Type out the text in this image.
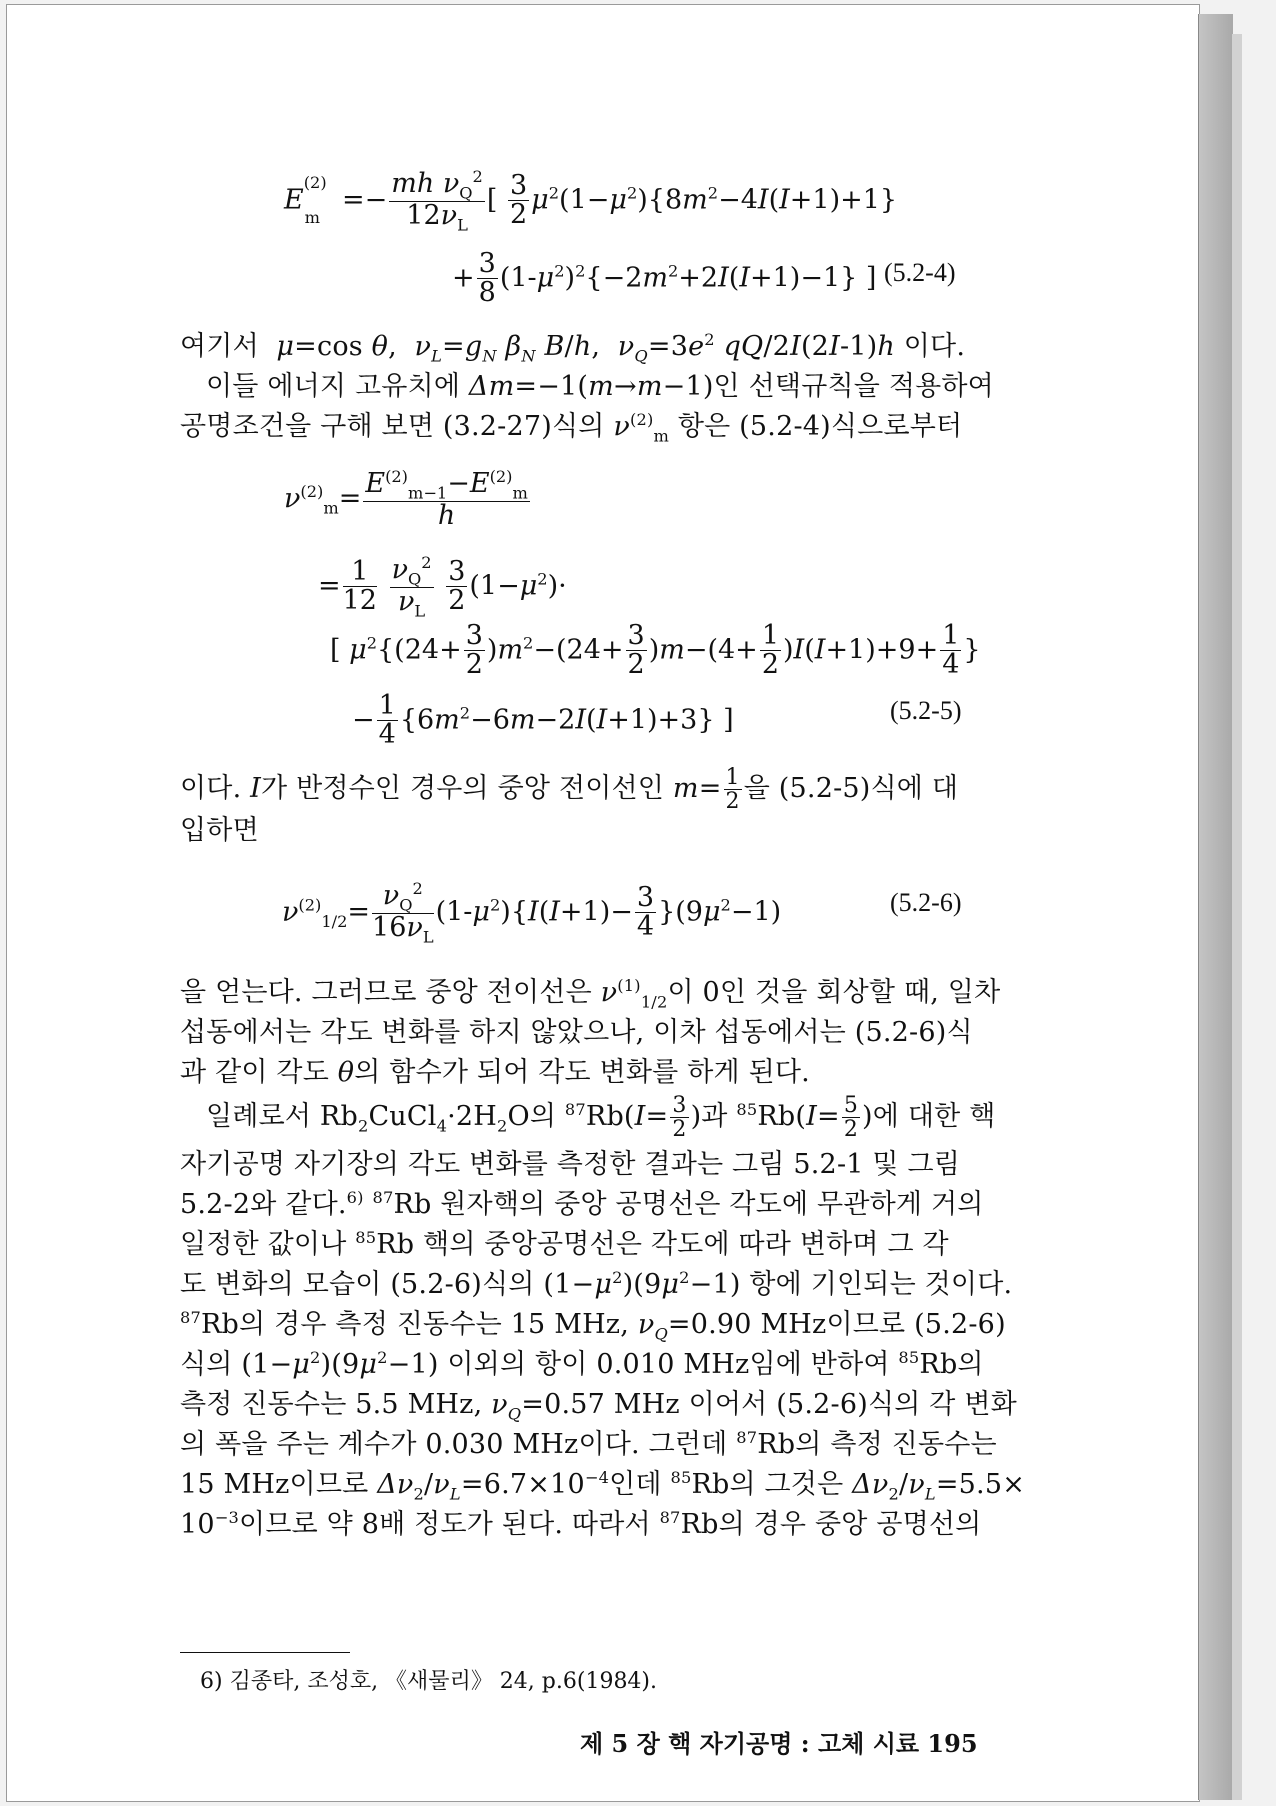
$E^{(2)}_m=- \frac{mh \nu_Q^2}{12\nu_L}$ [ $\frac{3}{2} \mu^2(1-\mu^2)\{8m^2-4I(I+1)+1\}$
+ $\frac{3}{8} (1-\mu^2)^2\{-2m^2+2I(I+1)-1\}$ ] (5.2-4)
여기서  μ=cos θ,  $\nu_L=g_N$ $\beta_N$ B/h,  $\nu_Q=3e^2$ qQ/2I(2I-1)h 이다.
이들 에너지 고유치에 Δm=−1(m→m−1)인 선택규칙을 적용하여
공명조건을 구해 보면 (3.2-27)식의 $\nu^{(2)}_m$ 항은 (5.2-4)식으로부터
$\nu^{(2)}_m= \frac{E^{(2)}_{m-1}-E^{(2)}_m}{h}$
= $\frac{1}{12}$
$\frac{\nu_Q^2}{\nu_L}$
$\frac{3}{2} (1-\mu^2)\cdot$
[ $\mu^2\{(24+ \frac{3}{2} )m^2-(24+ \frac{3}{2} )m-(4+ \frac{1}{2} )I(I+1)+9+ \frac{1}{4}$ }
− $\frac{1}{4} \{6m^2-6m-2I(I+1)+3\}$ ]	(5.2-5)
이다. I가 반정수인 경우의 중앙 전이선인 $m= \frac{1}{2}$ 을 (5.2-5)식에 대
입하면
$\nu^{(2)}_{1/2}= \frac{\nu_Q^2}{16\nu_L} (1-\mu^2)\{I(I+1)- \frac{3}{4} \}(9\mu^2-1)$	(5.2-6)
을 얻는다. 그러므로 중앙 전이선은 $\nu^{(1)}_{1/2}$이 0인 것을 회상할 때, 일차
섭동에서는 각도 변화를 하지 않았으나, 이차 섭동에서는 (5.2-6)식
과 같이 각도 θ의 함수가 되어 각도 변화를 하게 된다.
일례로서 $Rb_2CuCl_4\cdot 2H_2O$의 $^{87}Rb(I= \frac{3}{2}$ )과 $^{85}Rb(I= \frac{5}{2}$ )에 대한 핵
자기공명 자기장의 각도 변화를 측정한 결과는 그림 5.2-1 및 그림
5.2-2와 같다.$^{6)}$ $^{87}$Rb 원자핵의 중앙 공명선은 각도에 무관하게 거의
일정한 값이나 $^{85}$Rb 핵의 중앙공명선은 각도에 따라 변하며 그 각
도 변화의 모습이 (5.2-6)식의 $(1-\mu^2)(9\mu^2-1)$ 항에 기인되는 것이다.
$^{87}$Rb의 경우 측정 진동수는 15 MHz, $\nu_Q=0.90$ MHz이므로 (5.2-6)
식의 $(1-\mu^2)(9\mu^2-1)$ 이외의 항이 0.010 MHz임에 반하여 $^{85}$Rb의
측정 진동수는 5.5 MHz, $\nu_Q=0.57$ MHz 이어서 (5.2-6)식의 각 변화
의 폭을 주는 계수가 0.030 MHz이다. 그런데 $^{87}$Rb의 측정 진동수는
15 MHz이므로 $\Delta\nu_2/\nu_L=6.7\times 10^{-4}$인데 $^{85}$Rb의 그것은 $\Delta\nu_2/\nu_L=5.5\times$
$10^{-3}$이므로 약 8배 정도가 된다. 따라서 $^{87}$Rb의 경우 중앙 공명선의
6) 김종타, 조성호, 《새물리》 24, p.6(1984).
제 5 장 핵 자기공명 : 고체 시료 195
